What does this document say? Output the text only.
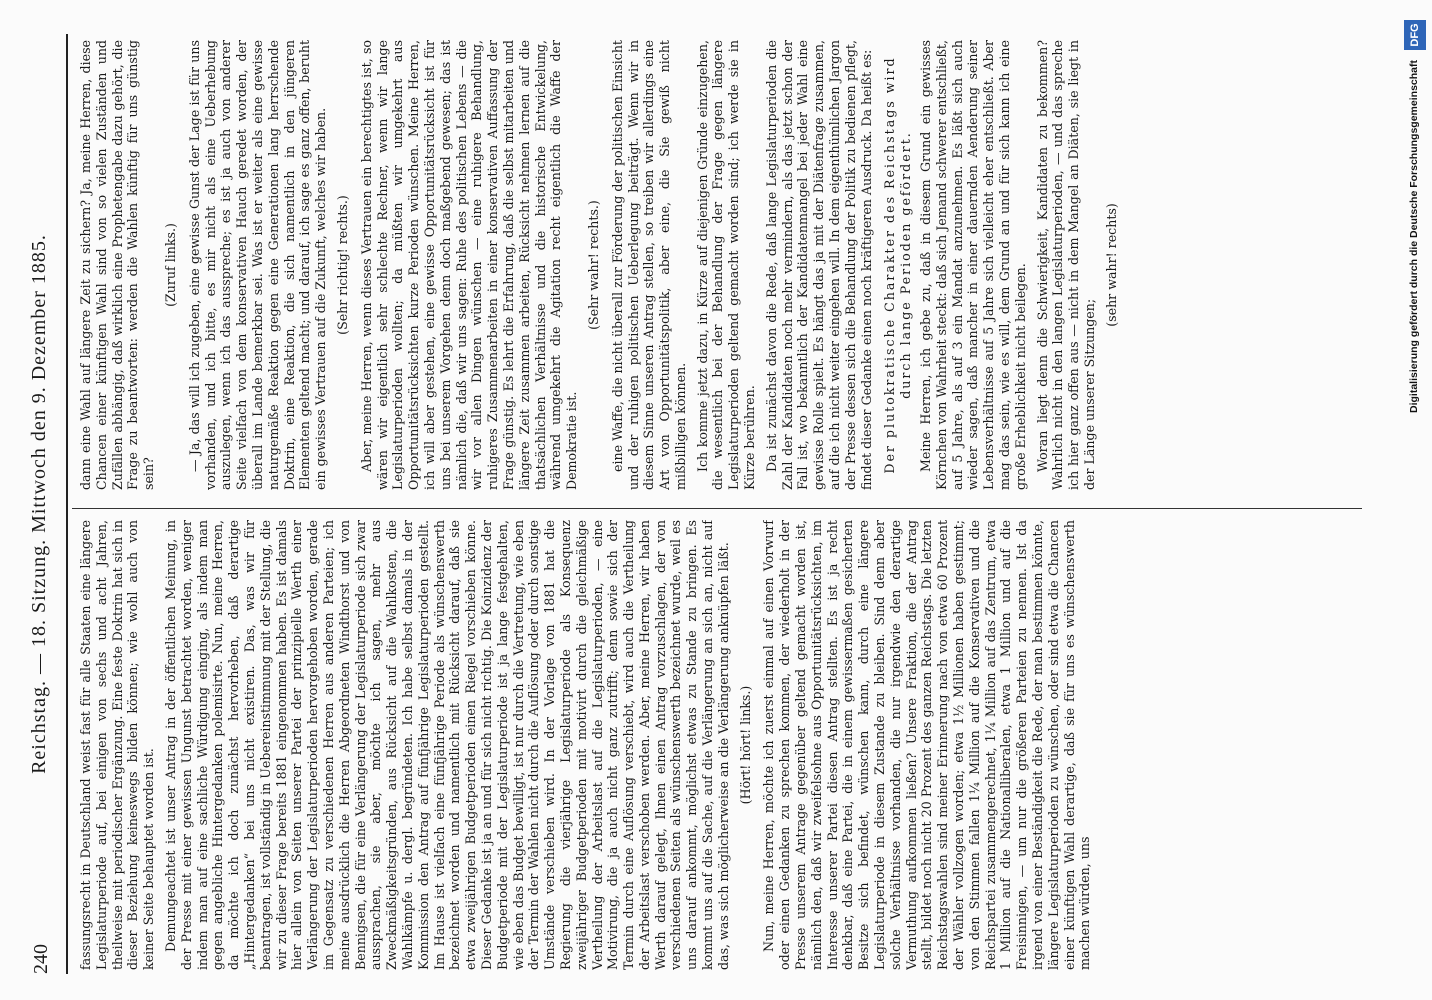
240
Reichstag. — 18. Sitzung. Mittwoch den 9. Dezember 1885. fassungsrecht in Deutschland weist fast für alle Staaten eine längere Legislaturperiode auf, bei einigen von sechs und acht Jahren, theilweise mit periodischer Ergänzung. Eine feste Doktrin hat sich in dieser Beziehung keineswegs bilden können; wie wohl auch von keiner Seite behauptet worden ist. Demungeachtet ist unser Antrag in der öffentlichen Meinung, in der Presse mit einer gewissen Ungunst betrachtet worden, weniger indem man auf eine sachliche Würdigung einging, als indem man gegen angebliche Hintergedanken polemisirte. Nun, meine Herren, da möchte ich doch zunächst hervorheben, daß derartige „Hintergedanken“ bei uns nicht existiren. Das, was wir für beantragen, ist vollständig in Uebereinstimmung mit der Stellung, die wir zu dieser Frage bereits 1881 eingenommen haben. Es ist damals hier allein von Seiten unserer Partei der prinzipielle Werth einer Verlängerung der Legislaturperioden hervorgehoben worden, gerade im Gegensatz zu verschiedenen Herren aus anderen Parteien; ich meine ausdrücklich die Herren Abgeordneten Windthorst und von Bennigsen, die für eine Verlängerung der Legislaturperiode sich zwar aussprachen, sie aber, möchte ich sagen, mehr aus Zweckmäßigkeitsgründen, aus Rücksicht auf die Wahlkosten, die Wahlkämpfe u. dergl. begründeten. Ich habe selbst damals in der Kommission den Antrag auf fünfjährige Legislaturperioden gestellt. Im Hause ist vielfach eine fünfjährige Periode als wünschenswerth bezeichnet worden und namentlich mit Rücksicht darauf, daß sie etwa zweijährigen Budgetperioden einen Riegel vorschieben könne. Dieser Gedanke ist ja an und für sich nicht richtig. Die Koinzidenz der Budgetperiode mit der Legislaturperiode ist ja lange festgehalten, wie eben das Budget bewilligt, ist nur durch die Vertretung, wie eben der Termin der Wahlen nicht durch die Auflösung oder durch sonstige Umstände verschieben wird. In der Vorlage von 1881 hat die Regierung die vierjährige Legislaturperiode als Konsequenz zweijähriger Budgetperioden mit motivirt durch die gleichmäßige Vertheilung der Arbeitslast auf die Legislaturperioden, — eine Motivirung, die ja auch nicht ganz zutrifft; denn sowie sich der Termin durch eine Auflösung verschiebt, wird auch die Vertheilung der Arbeitslast verschoben werden. Aber, meine Herren, wir haben Werth darauf gelegt, Ihnen einen Antrag vorzuschlagen, der von verschiedenen Seiten als wünschenswerth bezeichnet wurde, weil es uns darauf ankommt, möglichst etwas zu Stande zu bringen. Es kommt uns auf die Sache, auf die Verlängerung an sich an, nicht auf das, was sich möglicherweise an die Verlängerung anknüpfen läßt. (Hört! hört! links.) Nun, meine Herren, möchte ich zuerst einmal auf einen Vorwurf oder einen Gedanken zu sprechen kommen, der wiederholt in der Presse unserem Antrage gegenüber geltend gemacht worden ist, nämlich den, daß wir zweifelsohne aus Opportunitätsrücksichten, im Interesse unserer Partei diesen Antrag stellten. Es ist ja recht denkbar, daß eine Partei, die in einem gewissermaßen gesicherten Besitze sich befindet, wünschen kann, durch eine längere Legislaturperiode in diesem Zustande zu bleiben. Sind denn aber solche Verhältnisse vorhanden, die nur irgendwie den derartige Vermuthung aufkommen ließen? Unsere Fraktion, die der Antrag stellt, bildet noch nicht 20 Prozent des ganzen Reichstags. Die letzten Reichstagswahlen sind meiner Erinnerung nach von etwa 60 Prozent der Wähler vollzogen worden; etwa 1½ Millionen haben gestimmt; von den Stimmen fallen 1¼ Million auf die Konservativen und die Reichspartei zusammengerechnet, 1¼ Million auf das Zentrum, etwa 1 Million auf die Nationalliberalen, etwa 1 Million und auf die Freisinnigen, — um nur die größeren Parteien zu nennen. Ist da irgend von einer Beständigkeit die Rede, der man bestimmen könnte, längere Legislaturperioden zu wünschen, oder sind etwa die Chancen einer künftigen Wahl derartige, daß sie für uns es wünschenswerth machen würden, uns

dann eine Wahl auf längere Zeit zu sichern? Ja, meine Herren, diese Chancen einer künftigen Wahl sind von so vielen Zuständen und Zufällen abhängig, daß wirklich eine Prophetengabe dazu gehört, die Frage zu beantworten: werden die Wahlen künftig für uns günstig sein?

(Zuruf links.) — Ja, das will ich zugeben, eine gewisse Gunst der Lage ist für uns vorhanden, und ich bitte, es mir nicht als eine Ueberhebung auszulegen, wenn ich das ausspreche; es ist ja auch von anderer Seite vielfach von dem konservativen Hauch geredet worden, der überall im Lande bemerkbar sei. Was ist er weiter als eine gewisse naturgemäße Reaktion gegen eine Generationen lang herrschende Doktrin, eine Reaktion, die sich namentlich in den jüngeren Elementen geltend macht; und darauf, ich sage es ganz offen, beruht ein gewisses Vertrauen auf die Zukunft, welches wir haben. (Sehr richtig! rechts.) Aber, meine Herren, wenn dieses Vertrauen ein berechtigtes ist, so wären wir eigentlich sehr schlechte Rechner, wenn wir lange Legislaturperioden wollten; da müßten wir umgekehrt aus Opportunitätsrücksichten kurze Perioden wünschen. Meine Herren, ich will aber gestehen, eine gewisse Opportunitätsrücksicht ist für uns bei unserem Vorgehen denn doch maßgebend gewesen; das ist nämlich die, daß wir uns sagen: Ruhe des politischen Lebens — die wir vor allen Dingen wünschen — eine ruhigere Behandlung, ruhigeres Zusammenarbeiten in einer konservativen Auffassung der Frage günstig. Es lehrt die Erfahrung, daß die selbst mitarbeiten und längere Zeit zusammen arbeiten, Rücksicht nehmen lernen auf die thatsächlichen Verhältnisse und die historische Entwickelung, während umgekehrt die Agitation recht eigentlich die Waffe der Demokratie ist.

(Sehr wahr! rechts.) eine Waffe, die nicht überall zur Förderung der politischen Einsicht und der ruhigen politischen Ueberlegung beiträgt. Wenn wir in diesem Sinne unseren Antrag stellen, so treiben wir allerdings eine Art von Opportunitätspolitik, aber eine, die Sie gewiß nicht mißbilligen können. Ich komme jetzt dazu, in Kürze auf diejenigen Gründe einzugehen, die wesentlich bei der Behandlung der Frage gegen längere Legislaturperioden geltend gemacht worden sind; ich werde sie in Kürze berühren. Da ist zunächst davon die Rede, daß lange Legislaturperioden die Zahl der Kandidaten noch mehr vermindern, als das jetzt schon der Fall ist, wo bekanntlich der Kandidatenmangel bei jeder Wahl eine gewisse Rolle spielt. Es hängt das ja mit der Diätenfrage zusammen, auf die ich nicht weiter eingehen will. In dem eigenthümlichen Jargon der Presse dessen sich die Behandlung der Politik zu bedienen pflegt, findet dieser Gedanke einen noch kräftigeren Ausdruck. Da heißt es: Der plutokratische Charakter des Reichstags wird durch lange Perioden gefördert. Meine Herren, ich gebe zu, daß in diesem Grund ein gewisses Körnchen von Wahrheit steckt: daß sich Jemand schwerer entschließt, auf 5 Jahre, als auf 3 ein Mandat anzunehmen. Es läßt sich auch wieder sagen, daß mancher in einer dauernden Aenderung seiner Lebensverhältnisse auf 5 Jahre sich vielleicht eher entschließt. Aber mag das sein, wie es will, dem Grund an und für sich kann ich eine große Erheblichkeit nicht beilegen. Woran liegt denn die Schwierigkeit, Kandidaten zu bekommen? Wahrlich nicht in den langen Legislaturperioden, — und das spreche ich hier ganz offen aus — nicht in dem Mangel an Diäten, sie liegt in der Länge unserer Sitzungen;

(sehr wahr! rechts)	Digitalisierung gefördert durch die Deutsche Forschungsgemeinschaft
DFG
